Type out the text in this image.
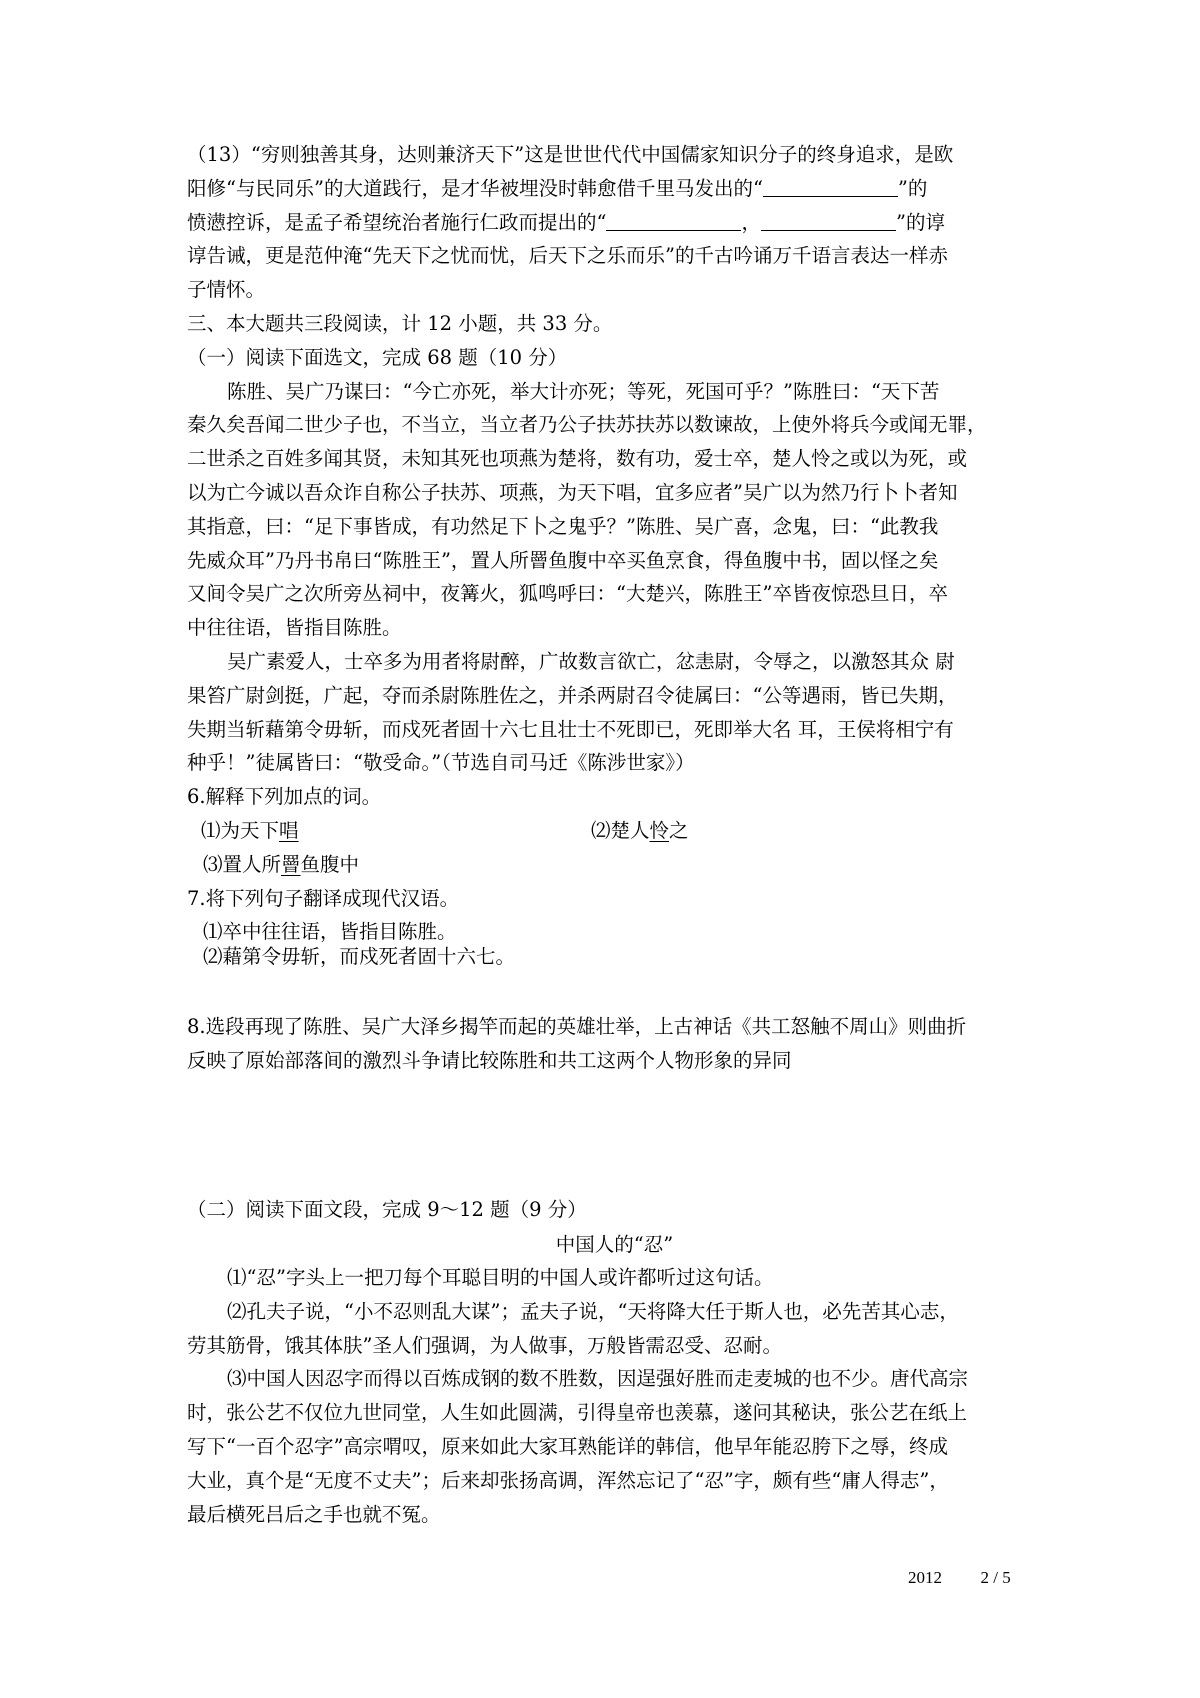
（13）“穷则独善其身，达则兼济天下”这是世世代代中国儒家知识分子的终身追求，是欧
阳修“与民同乐”的大道践行，是才华被埋没时韩愈借千里马发出的“	”的
愤懑控诉，是孟子希望统治者施行仁政而提出的“	，	”的谆
谆告诫，更是范仲淹“先天下之忧而忧，后天下之乐而乐”的千古吟诵万千语言表达一样赤
子情怀。
三、本大题共三段阅读，计 12 小题，共 33 分。
（一）阅读下面选文，完成 68 题（10 分）
陈胜、吴广乃谋曰：“今亡亦死，举大计亦死；等死，死国可乎？”陈胜曰：“天下苦
秦久矣吾闻二世少子也，不当立，当立者乃公子扶苏扶苏以数谏故，上使外将兵今或闻无罪，
二世杀之百姓多闻其贤，未知其死也项燕为楚将，数有功，爱士卒，楚人怜之或以为死，或
以为亡今诚以吾众诈自称公子扶苏、项燕，为天下唱，宜多应者”吴广以为然乃行卜卜者知
其指意，曰：“足下事皆成，有功然足下卜之鬼乎？”陈胜、吴广喜，念鬼，曰：“此教我
先威众耳”乃丹书帛曰“陈胜王”，置人所罾鱼腹中卒买鱼烹食，得鱼腹中书，固以怪之矣
又间令吴广之次所旁丛祠中，夜篝火，狐鸣呼曰：“大楚兴，陈胜王”卒皆夜惊恐旦日，卒
中往往语，皆指目陈胜。
吴广素爱人，士卒多为用者将尉醉，广故数言欲亡，忿恚尉，令辱之，以激怒其众 尉
果笞广尉剑挺，广起，夺而杀尉陈胜佐之，并杀两尉召令徒属曰：“公等遇雨，皆已失期，
失期当斩藉第令毋斩，而戍死者固十六七且壮士不死即已，死即举大名 耳，王侯将相宁有
种乎！”徒属皆曰：“敬受命。”（节选自司马迁《陈涉世家》）
6.解释下列加点的词。
⑴为天下唱	⑵楚人怜之
⑶置人所罾鱼腹中
7.将下列句子翻译成现代汉语。
⑴卒中往往语，皆指目陈胜。
⑵藉第令毋斩，而戍死者固十六七。
8.选段再现了陈胜、吴广大泽乡揭竿而起的英雄壮举，上古神话《共工怒触不周山》则曲折
反映了原始部落间的激烈斗争请比较陈胜和共工这两个人物形象的异同
（二）阅读下面文段，完成 9～12 题（9 分）
中国人的“忍”
⑴“忍”字头上一把刀每个耳聪目明的中国人或许都听过这句话。
⑵孔夫子说，“小不忍则乱大谋”；孟夫子说，“天将降大任于斯人也，必先苦其心志，
劳其筋骨，饿其体肤”圣人们强调，为人做事，万般皆需忍受、忍耐。
⑶中国人因忍字而得以百炼成钢的数不胜数，因逞强好胜而走麦城的也不少。唐代高宗
时，张公艺不仅位九世同堂，人生如此圆满，引得皇帝也羡慕，遂问其秘诀，张公艺在纸上
写下“一百个忍字”高宗喟叹，原来如此大家耳熟能详的韩信，他早年能忍胯下之辱，终成
大业，真个是“无度不丈夫”；后来却张扬高调，浑然忘记了“忍”字，颇有些“庸人得志”，
最后横死吕后之手也就不冤。
2012 2 / 5
